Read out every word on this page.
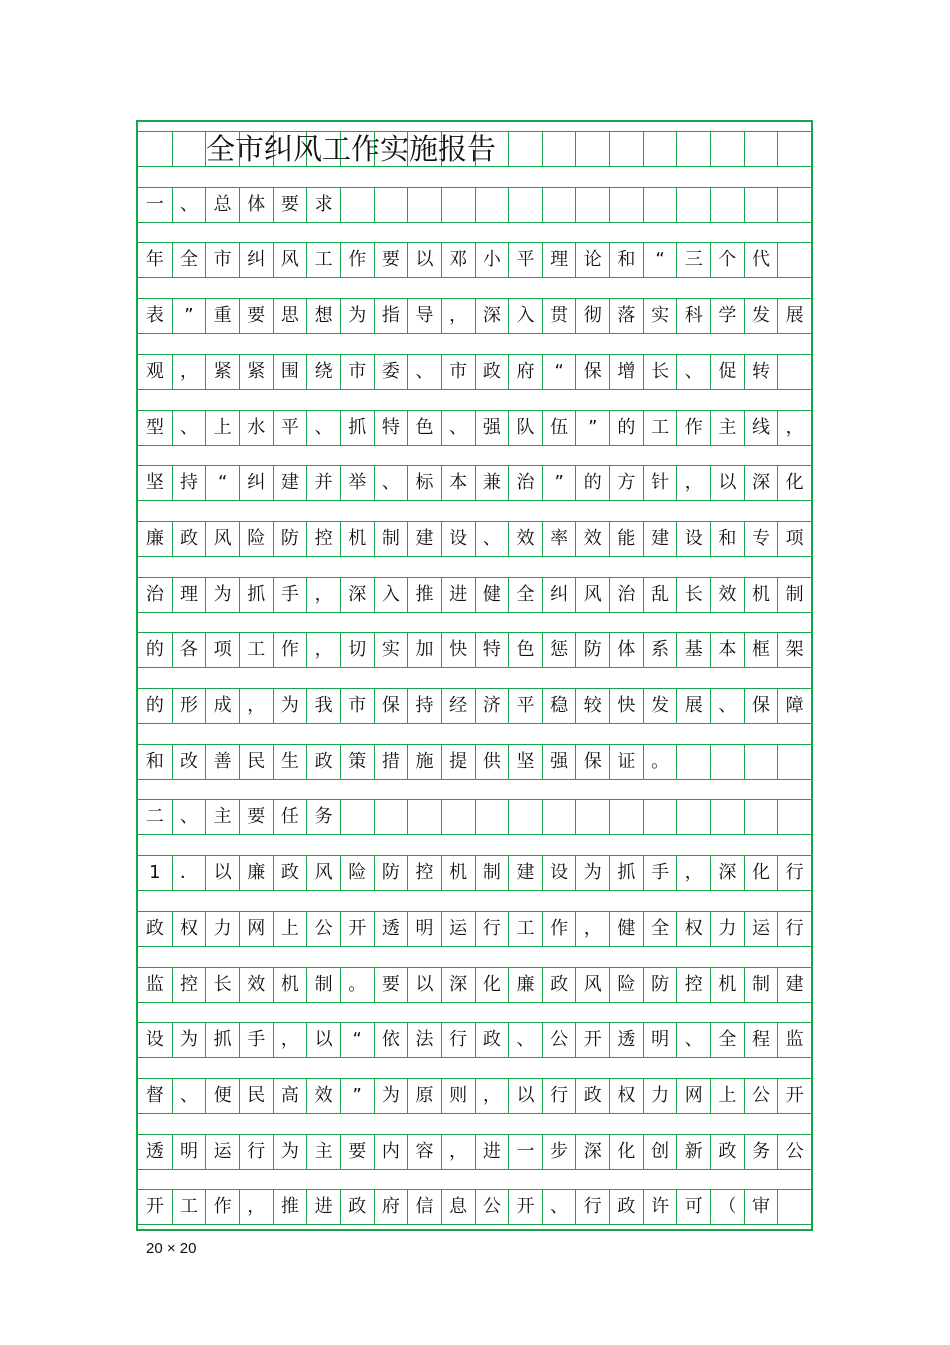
全市纠风工作实施报告
求
要
体
总
、
一
代
个
三
“
和
论
理
平
小
邓
以
要
作
工
风
纠
市
全
年
展
发
学
科
实
落
彻
贯
入
深
，
导
指
为
想
思
要
重
”
表
转
促
、
长
增
保
“
府
政
市
、
委
市
绕
围
紧
紧
，
观
，
线
主
作
工
的
”
伍
队
强
、
色
特
抓
、
平
水
上
、
型
化
深
以
，
针
方
的
”
治
兼
本
标
、
举
并
建
纠
“
持
坚
项
专
和
设
建
能
效
率
效
、
设
建
制
机
控
防
险
风
政
廉
制
机
效
长
乱
治
风
纠
全
健
进
推
入
深
，
手
抓
为
理
治
架
框
本
基
系
体
防
惩
色
特
快
加
实
切
，
作
工
项
各
的
障
保
、
展
发
快
较
稳
平
济
经
持
保
市
我
为
，
成
形
的
。
证
保
强
坚
供
提
施
措
策
政
生
民
善
改
和
务
任
要
主
、
二
行
化
深
，
手
抓
为
设
建
制
机
控
防
险
风
政
廉
以
．
1
行
运
力
权
全
健
，
作
工
行
运
明
透
开
公
上
网
力
权
政
建
制
机
控
防
险
风
政
廉
化
深
以
要
。
制
机
效
长
控
监
监
程
全
、
明
透
开
公
、
政
行
法
依
“
以
，
手
抓
为
设
开
公
上
网
力
权
政
行
以
，
则
原
为
”
效
高
民
便
、
督
公
务
政
新
创
化
深
步
一
进
，
容
内
要
主
为
行
运
明
透
审
（
可
许
政
行
、
开
公
息
信
府
政
进
推
，
作
工
开
20 × 20
